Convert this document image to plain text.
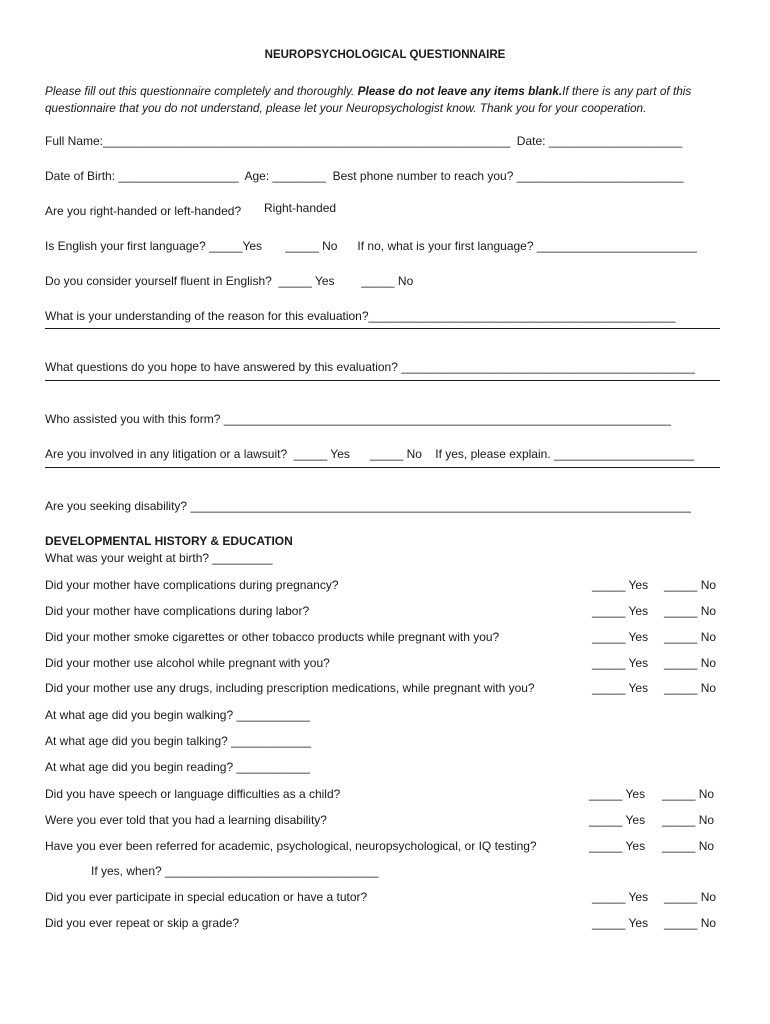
NEUROPSYCHOLOGICAL QUESTIONNAIRE
Please fill out this questionnaire completely and thoroughly. Please do not leave any items blank.If there is any part of this questionnaire that you do not understand, please let your Neuropsychologist know. Thank you for your cooperation.
Full Name:_____________________________________________________________  Date: ____________________
Date of Birth: __________________  Age: ________  Best phone number to reach you? _________________________
Are you right-handed or left-handed? Right-handed
Is English your first language? _____Yes       _____ No      If no, what is your first language? ________________________
Do you consider yourself fluent in English?  _____ Yes        _____ No
What is your understanding of the reason for this evaluation?______________________________________________
What questions do you hope to have answered by this evaluation? ____________________________________________
Who assisted you with this form? ___________________________________________________________________
Are you involved in any litigation or a lawsuit?  _____ Yes      _____ No    If yes, please explain. _____________________
Are you seeking disability? ___________________________________________________________________________
DEVELOPMENTAL HISTORY & EDUCATION
What was your weight at birth? _________
Did your mother have complications during pregnancy?	_____ Yes _____ No
Did your mother have complications during labor?	_____ Yes _____ No
Did your mother smoke cigarettes or other tobacco products while pregnant with you?	_____ Yes _____ No
Did your mother use alcohol while pregnant with you?	_____ Yes _____ No
Did your mother use any drugs, including prescription medications, while pregnant with you?	_____ Yes _____ No
At what age did you begin walking? ___________
At what age did you begin talking? ____________
At what age did you begin reading? ___________
Did you have speech or language difficulties as a child?	_____ Yes _____ No
Were you ever told that you had a learning disability?	_____ Yes _____ No
Have you ever been referred for academic, psychological, neuropsychological, or IQ testing?	_____ Yes _____ No
If yes, when? ________________________________
Did you ever participate in special education or have a tutor?	_____ Yes _____ No
Did you ever repeat or skip a grade?	_____ Yes _____ No
